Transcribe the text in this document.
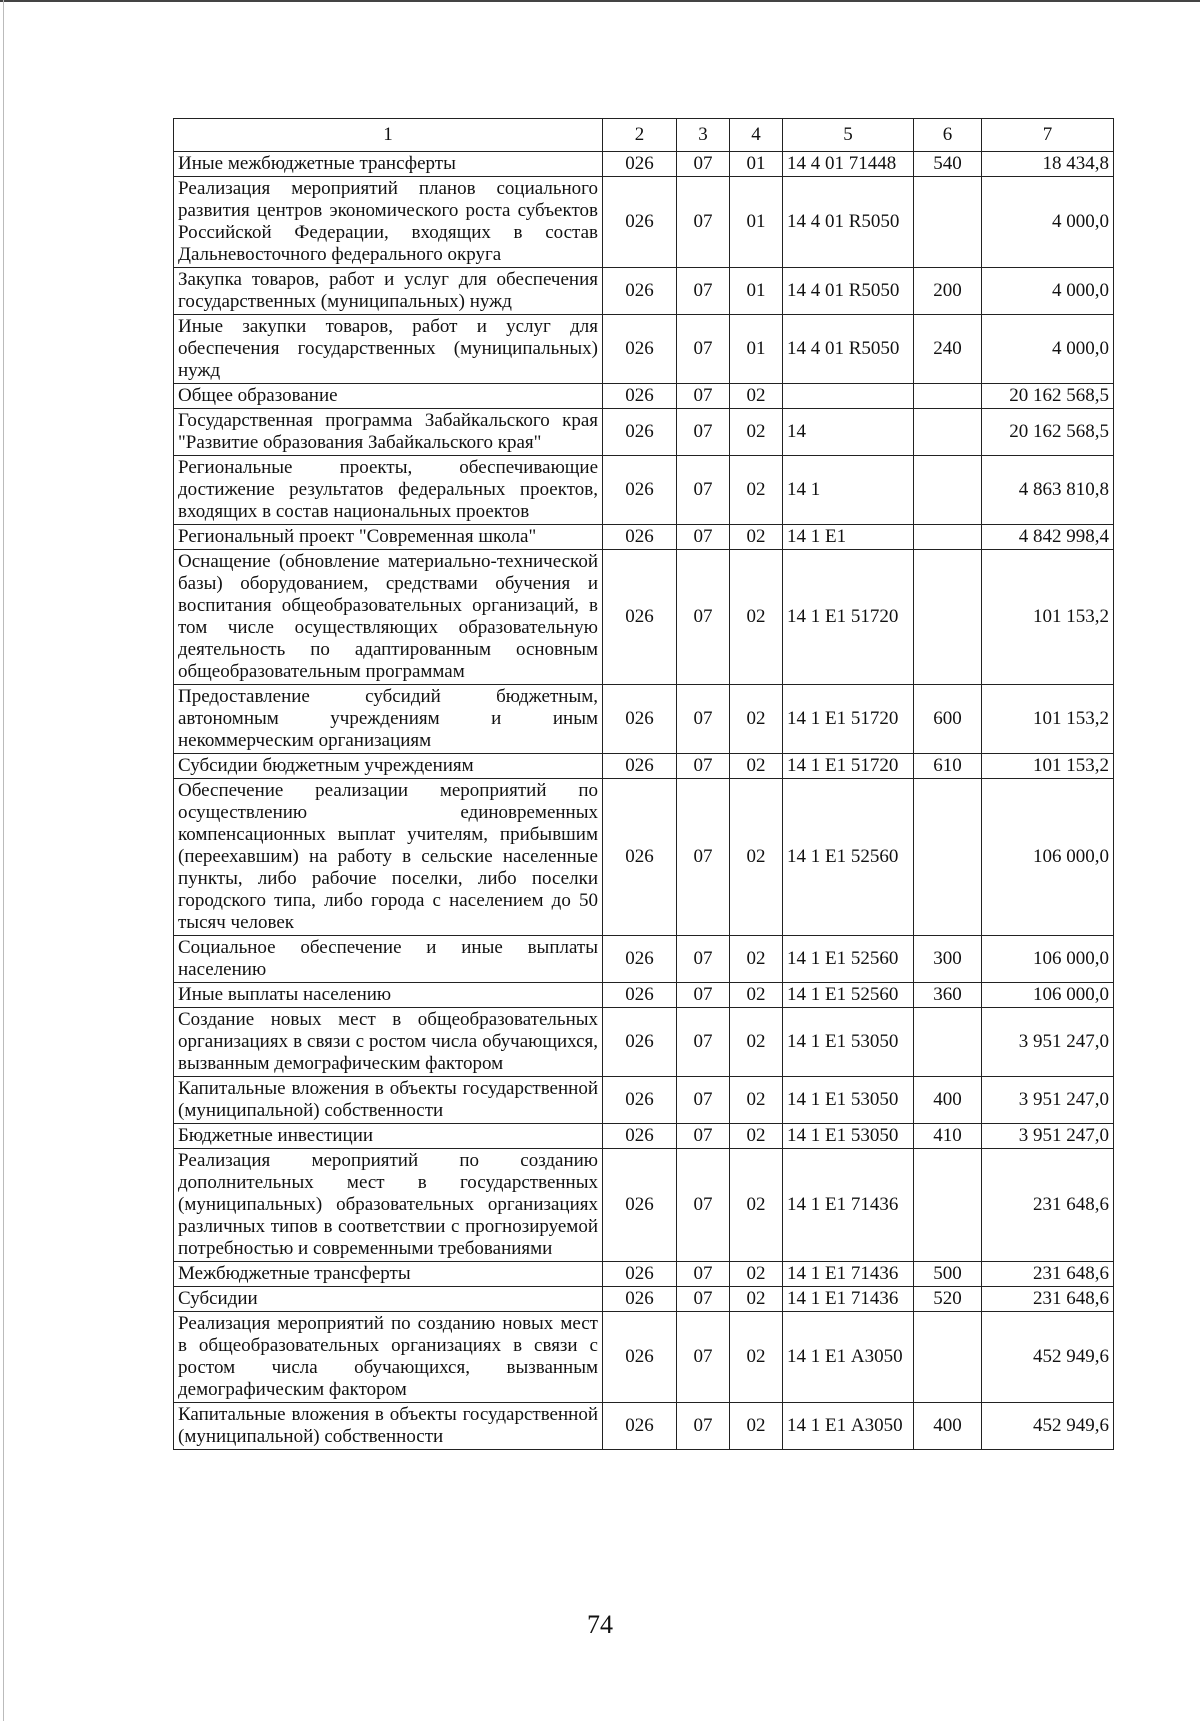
1	2	3	4	5	6	7
Иные межбюджетные трансферты	026	07	01	14 4 01 71448	540	18 434,8
Реализация мероприятий планов социального развития центров экономического роста субъектов Российской Федерации, входящих в состав Дальневосточного федерального округа	026	07	01	14 4 01 R5050		4 000,0
Закупка товаров, работ и услуг для обеспечения государственных (муниципальных) нужд	026	07	01	14 4 01 R5050	200	4 000,0
Иные закупки товаров, работ и услуг для обеспечения государственных (муниципальных) нужд	026	07	01	14 4 01 R5050	240	4 000,0
Общее образование	026	07	02			20 162 568,5
Государственная программа Забайкальского края "Развитие образования Забайкальского края"	026	07	02	14		20 162 568,5
Региональные проекты, обеспечивающие достижение результатов федеральных проектов, входящих в состав национальных проектов	026	07	02	14 1		4 863 810,8
Региональный проект "Современная школа"	026	07	02	14 1 Е1		4 842 998,4
Оснащение (обновление материально-технической базы) оборудованием, средствами обучения и воспитания общеобразовательных организаций, в том числе осуществляющих образовательную деятельность по адаптированным основным общеобразовательным программам	026	07	02	14 1 Е1 51720		101 153,2
Предоставление субсидий бюджетным, автономным учреждениям и иным некоммерческим организациям	026	07	02	14 1 Е1 51720	600	101 153,2
Субсидии бюджетным учреждениям	026	07	02	14 1 Е1 51720	610	101 153,2
Обеспечение реализации мероприятий по осуществлению единовременных компенсационных выплат учителям, прибывшим (переехавшим) на работу в сельские населенные пункты, либо рабочие поселки, либо поселки городского типа, либо города с населением до 50 тысяч человек	026	07	02	14 1 Е1 52560		106 000,0
Социальное обеспечение и иные выплаты населению	026	07	02	14 1 Е1 52560	300	106 000,0
Иные выплаты населению	026	07	02	14 1 Е1 52560	360	106 000,0
Создание новых мест в общеобразовательных организациях в связи с ростом числа обучающихся, вызванным демографическим фактором	026	07	02	14 1 Е1 53050		3 951 247,0
Капитальные вложения в объекты государственной (муниципальной) собственности	026	07	02	14 1 Е1 53050	400	3 951 247,0
Бюджетные инвестиции	026	07	02	14 1 Е1 53050	410	3 951 247,0
Реализация мероприятий по созданию дополнительных мест в государственных (муниципальных) образовательных организациях различных типов в соответствии с прогнозируемой потребностью и современными требованиями	026	07	02	14 1 Е1 71436		231 648,6
Межбюджетные трансферты	026	07	02	14 1 Е1 71436	500	231 648,6
Субсидии	026	07	02	14 1 Е1 71436	520	231 648,6
Реализация мероприятий по созданию новых мест в общеобразовательных организациях в связи с ростом числа обучающихся, вызванным демографическим фактором	026	07	02	14 1 Е1 А3050		452 949,6
Капитальные вложения в объекты государственной (муниципальной) собственности	026	07	02	14 1 Е1 А3050	400	452 949,6
74
